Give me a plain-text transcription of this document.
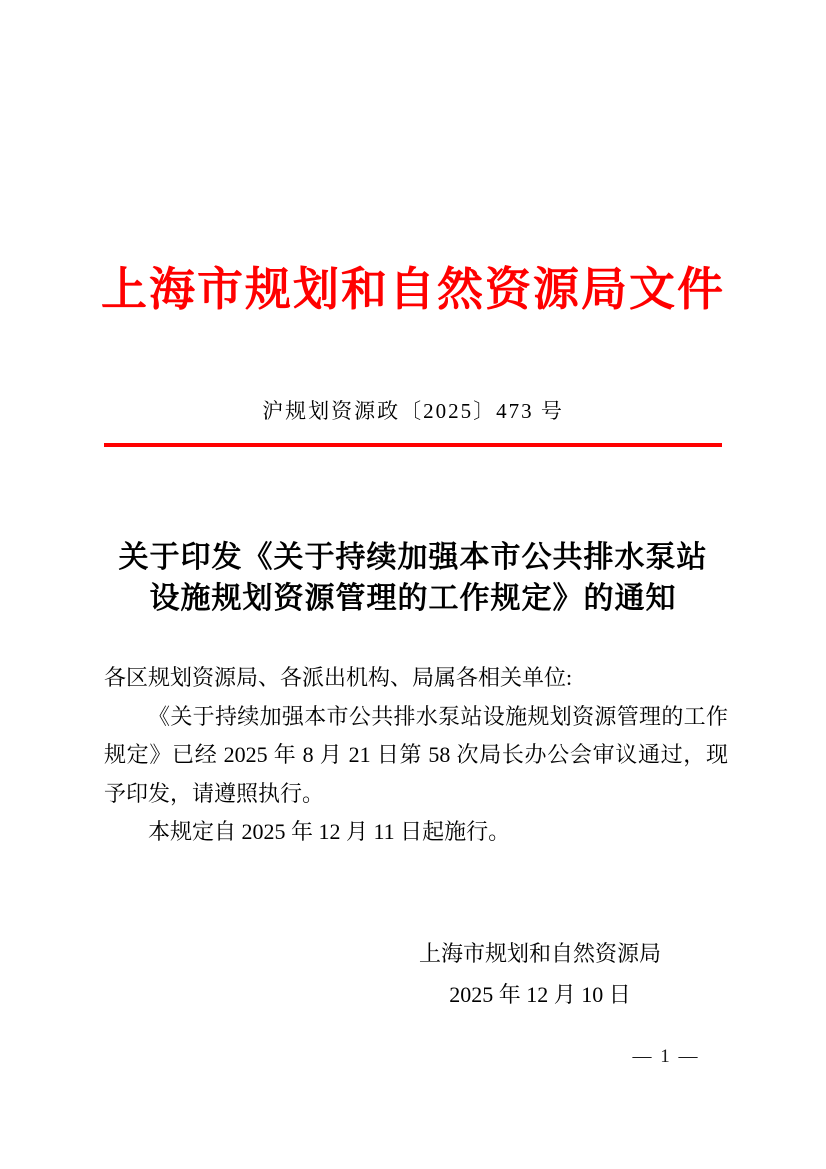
上海市规划和自然资源局文件
沪规划资源政〔2025〕473 号
关于印发《关于持续加强本市公共排水泵站
设施规划资源管理的工作规定》的通知

各区规划资源局、各派出机构、局属各相关单位:

《关于持续加强本市公共排水泵站设施规划资源管理的工作规定》已经 2025 年 8 月 21 日第 58 次局长办公会审议通过，现予印发，请遵照执行。

本规定自 2025 年 12 月 11 日起施行。

上海市规划和自然资源局
2025 年 12 月 10 日
— 1 —
